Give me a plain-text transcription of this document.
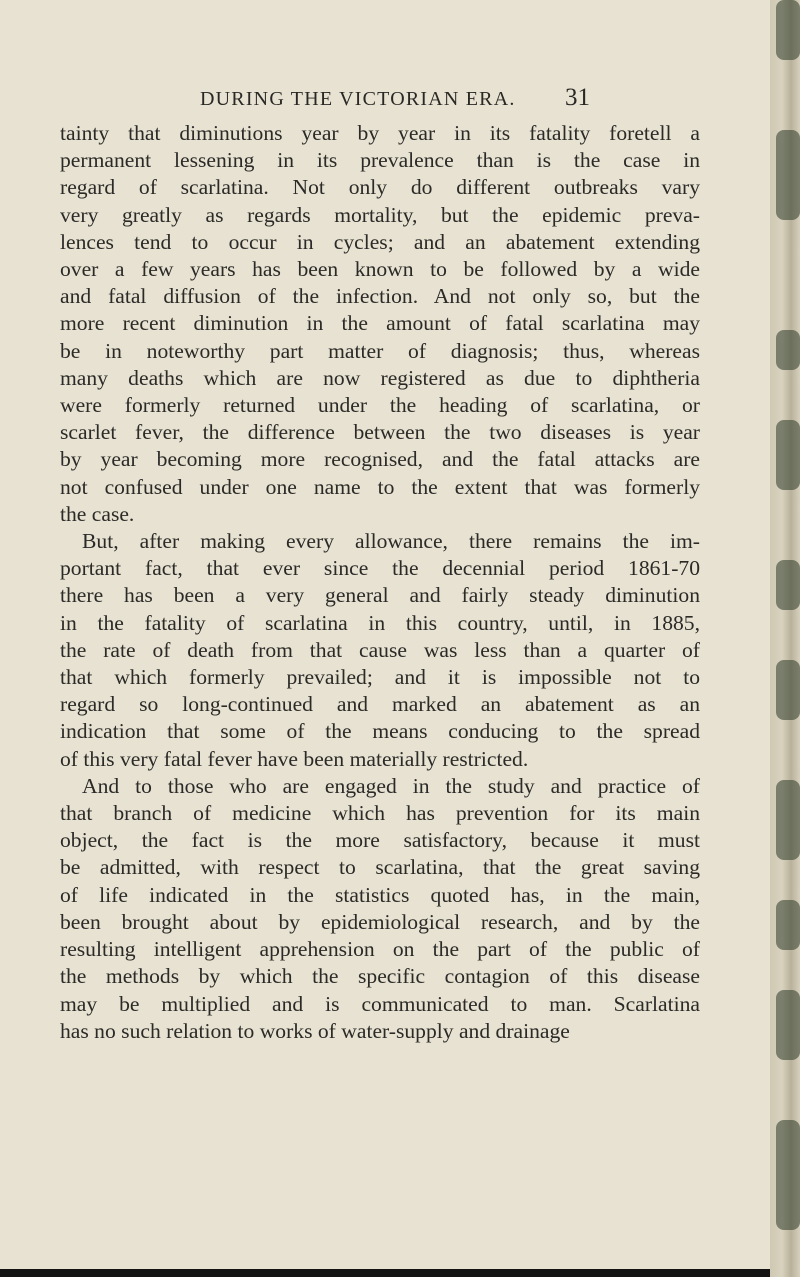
DURING THE VICTORIAN ERA. 31
tainty that diminutions year by year in its fatality foretell a
permanent lessening in its prevalence than is the case in
regard of scarlatina. Not only do different outbreaks vary
very greatly as regards mortality, but the epidemic preva-
lences tend to occur in cycles; and an abatement extending
over a few years has been known to be followed by a wide
and fatal diffusion of the infection. And not only so, but the
more recent diminution in the amount of fatal scarlatina may
be in noteworthy part matter of diagnosis; thus, whereas
many deaths which are now registered as due to diphtheria
were formerly returned under the heading of scarlatina, or
scarlet fever, the difference between the two diseases is year
by year becoming more recognised, and the fatal attacks are
not confused under one name to the extent that was formerly
the case.
But, after making every allowance, there remains the im-
portant fact, that ever since the decennial period 1861-70
there has been a very general and fairly steady diminution
in the fatality of scarlatina in this country, until, in 1885,
the rate of death from that cause was less than a quarter of
that which formerly prevailed; and it is impossible not to
regard so long-continued and marked an abatement as an
indication that some of the means conducing to the spread
of this very fatal fever have been materially restricted.
And to those who are engaged in the study and practice of
that branch of medicine which has prevention for its main
object, the fact is the more satisfactory, because it must
be admitted, with respect to scarlatina, that the great saving
of life indicated in the statistics quoted has, in the main,
been brought about by epidemiological research, and by the
resulting intelligent apprehension on the part of the public of
the methods by which the specific contagion of this disease
may be multiplied and is communicated to man. Scarlatina
has no such relation to works of water-supply and drainage
